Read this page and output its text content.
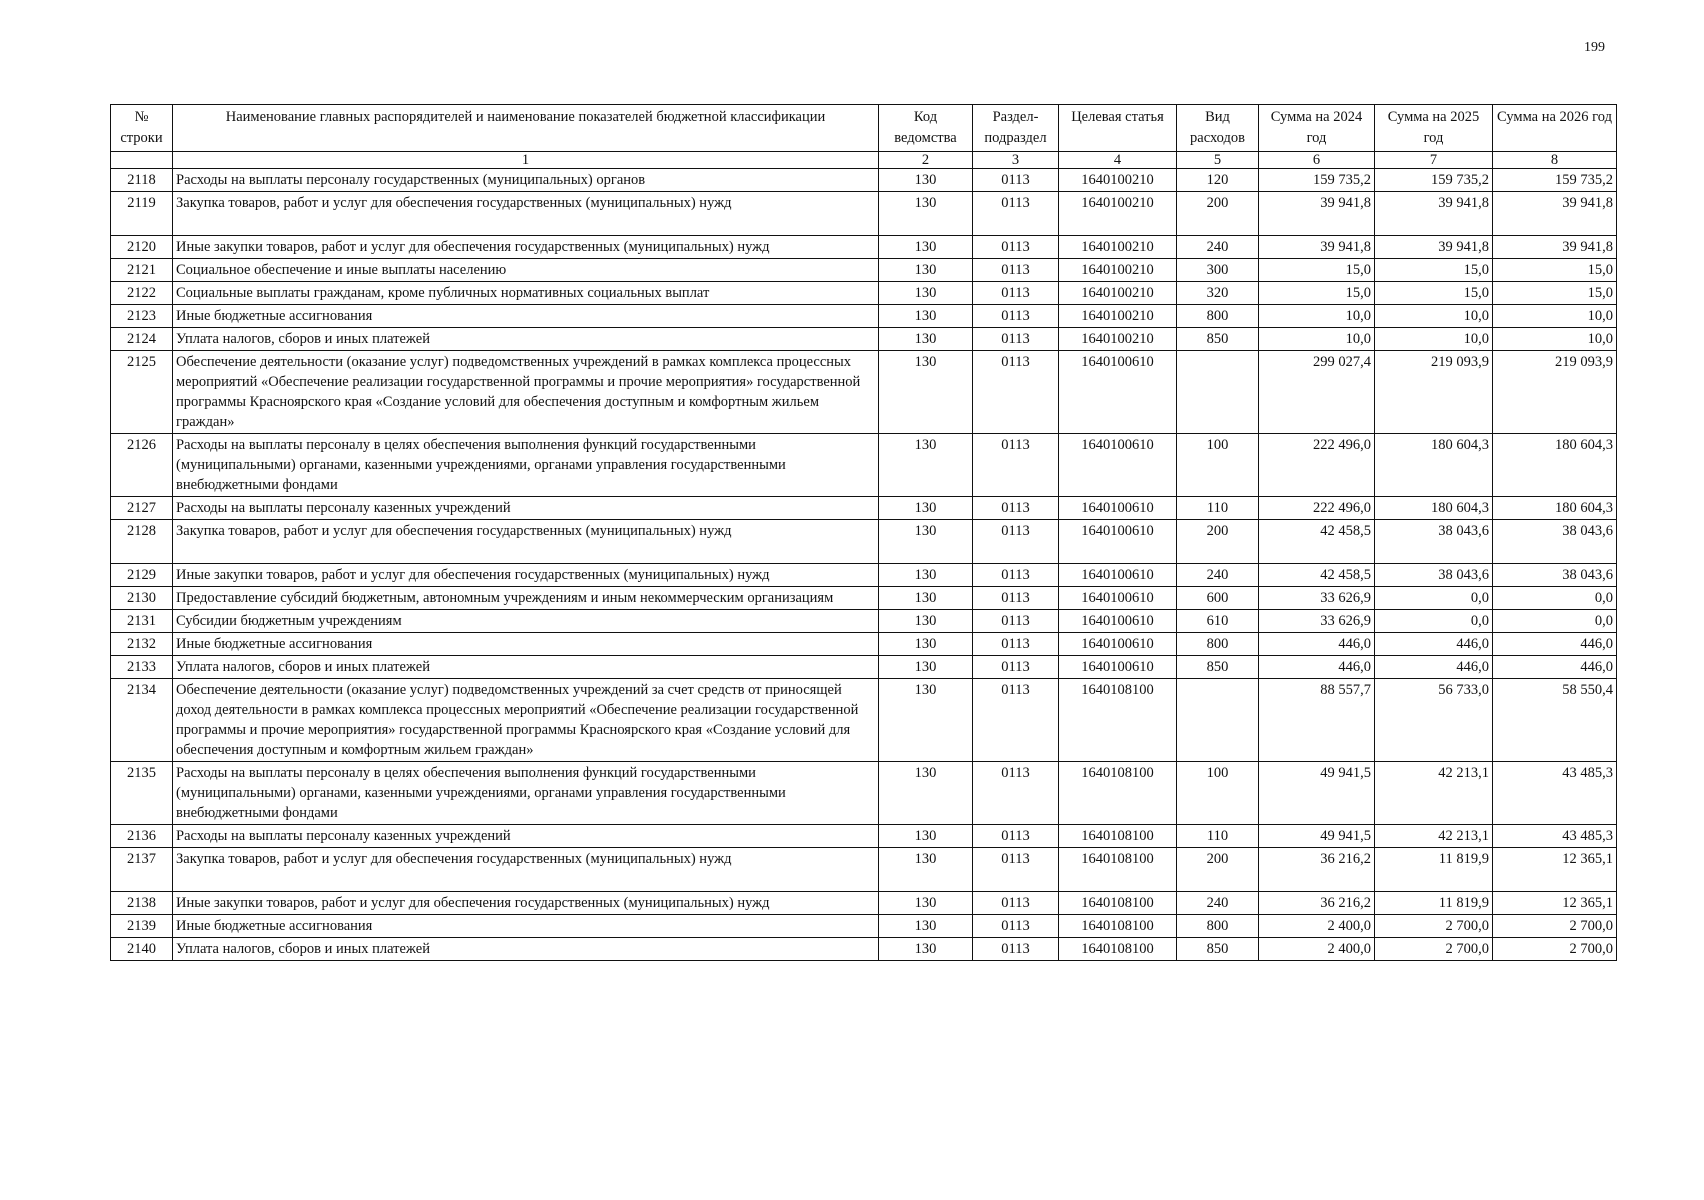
199
№ строки	Наименование главных распорядителей и наименование показателей бюджетной классификации	Код ведомства	Раздел-подраздел	Целевая статья	Вид расходов	Сумма на 2024 год	Сумма на 2025 год	Сумма на 2026 год
	1	2	3	4	5	6	7	8
2118	Расходы на выплаты персоналу государственных (муниципальных) органов	130	0113	1640100210	120	159 735,2	159 735,2	159 735,2
2119	Закупка товаров, работ и услуг для обеспечения государственных (муниципальных) нужд	130	0113	1640100210	200	39 941,8	39 941,8	39 941,8
2120	Иные закупки товаров, работ и услуг для обеспечения государственных (муниципальных) нужд	130	0113	1640100210	240	39 941,8	39 941,8	39 941,8
2121	Социальное обеспечение и иные выплаты населению	130	0113	1640100210	300	15,0	15,0	15,0
2122	Социальные выплаты гражданам, кроме публичных нормативных социальных выплат	130	0113	1640100210	320	15,0	15,0	15,0
2123	Иные бюджетные ассигнования	130	0113	1640100210	800	10,0	10,0	10,0
2124	Уплата налогов, сборов и иных платежей	130	0113	1640100210	850	10,0	10,0	10,0
2125	Обеспечение деятельности (оказание услуг) подведомственных учреждений в рамках комплекса процессных мероприятий «Обеспечение реализации государственной программы и прочие мероприятия» государственной программы Красноярского края «Создание условий для обеспечения доступным и комфортным жильем граждан»	130	0113	1640100610		299 027,4	219 093,9	219 093,9
2126	Расходы на выплаты персоналу в целях обеспечения выполнения функций государственными (муниципальными) органами, казенными учреждениями, органами управления государственными внебюджетными фондами	130	0113	1640100610	100	222 496,0	180 604,3	180 604,3
2127	Расходы на выплаты персоналу казенных учреждений	130	0113	1640100610	110	222 496,0	180 604,3	180 604,3
2128	Закупка товаров, работ и услуг для обеспечения государственных (муниципальных) нужд	130	0113	1640100610	200	42 458,5	38 043,6	38 043,6
2129	Иные закупки товаров, работ и услуг для обеспечения государственных (муниципальных) нужд	130	0113	1640100610	240	42 458,5	38 043,6	38 043,6
2130	Предоставление субсидий бюджетным, автономным учреждениям и иным некоммерческим организациям	130	0113	1640100610	600	33 626,9	0,0	0,0
2131	Субсидии бюджетным учреждениям	130	0113	1640100610	610	33 626,9	0,0	0,0
2132	Иные бюджетные ассигнования	130	0113	1640100610	800	446,0	446,0	446,0
2133	Уплата налогов, сборов и иных платежей	130	0113	1640100610	850	446,0	446,0	446,0
2134	Обеспечение деятельности (оказание услуг) подведомственных учреждений за счет средств от приносящей доход деятельности в рамках комплекса процессных мероприятий «Обеспечение реализации государственной программы и прочие мероприятия» государственной программы Красноярского края «Создание условий для обеспечения доступным и комфортным жильем граждан»	130	0113	1640108100		88 557,7	56 733,0	58 550,4
2135	Расходы на выплаты персоналу в целях обеспечения выполнения функций государственными (муниципальными) органами, казенными учреждениями, органами управления государственными внебюджетными фондами	130	0113	1640108100	100	49 941,5	42 213,1	43 485,3
2136	Расходы на выплаты персоналу казенных учреждений	130	0113	1640108100	110	49 941,5	42 213,1	43 485,3
2137	Закупка товаров, работ и услуг для обеспечения государственных (муниципальных) нужд	130	0113	1640108100	200	36 216,2	11 819,9	12 365,1
2138	Иные закупки товаров, работ и услуг для обеспечения государственных (муниципальных) нужд	130	0113	1640108100	240	36 216,2	11 819,9	12 365,1
2139	Иные бюджетные ассигнования	130	0113	1640108100	800	2 400,0	2 700,0	2 700,0
2140	Уплата налогов, сборов и иных платежей	130	0113	1640108100	850	2 400,0	2 700,0	2 700,0
